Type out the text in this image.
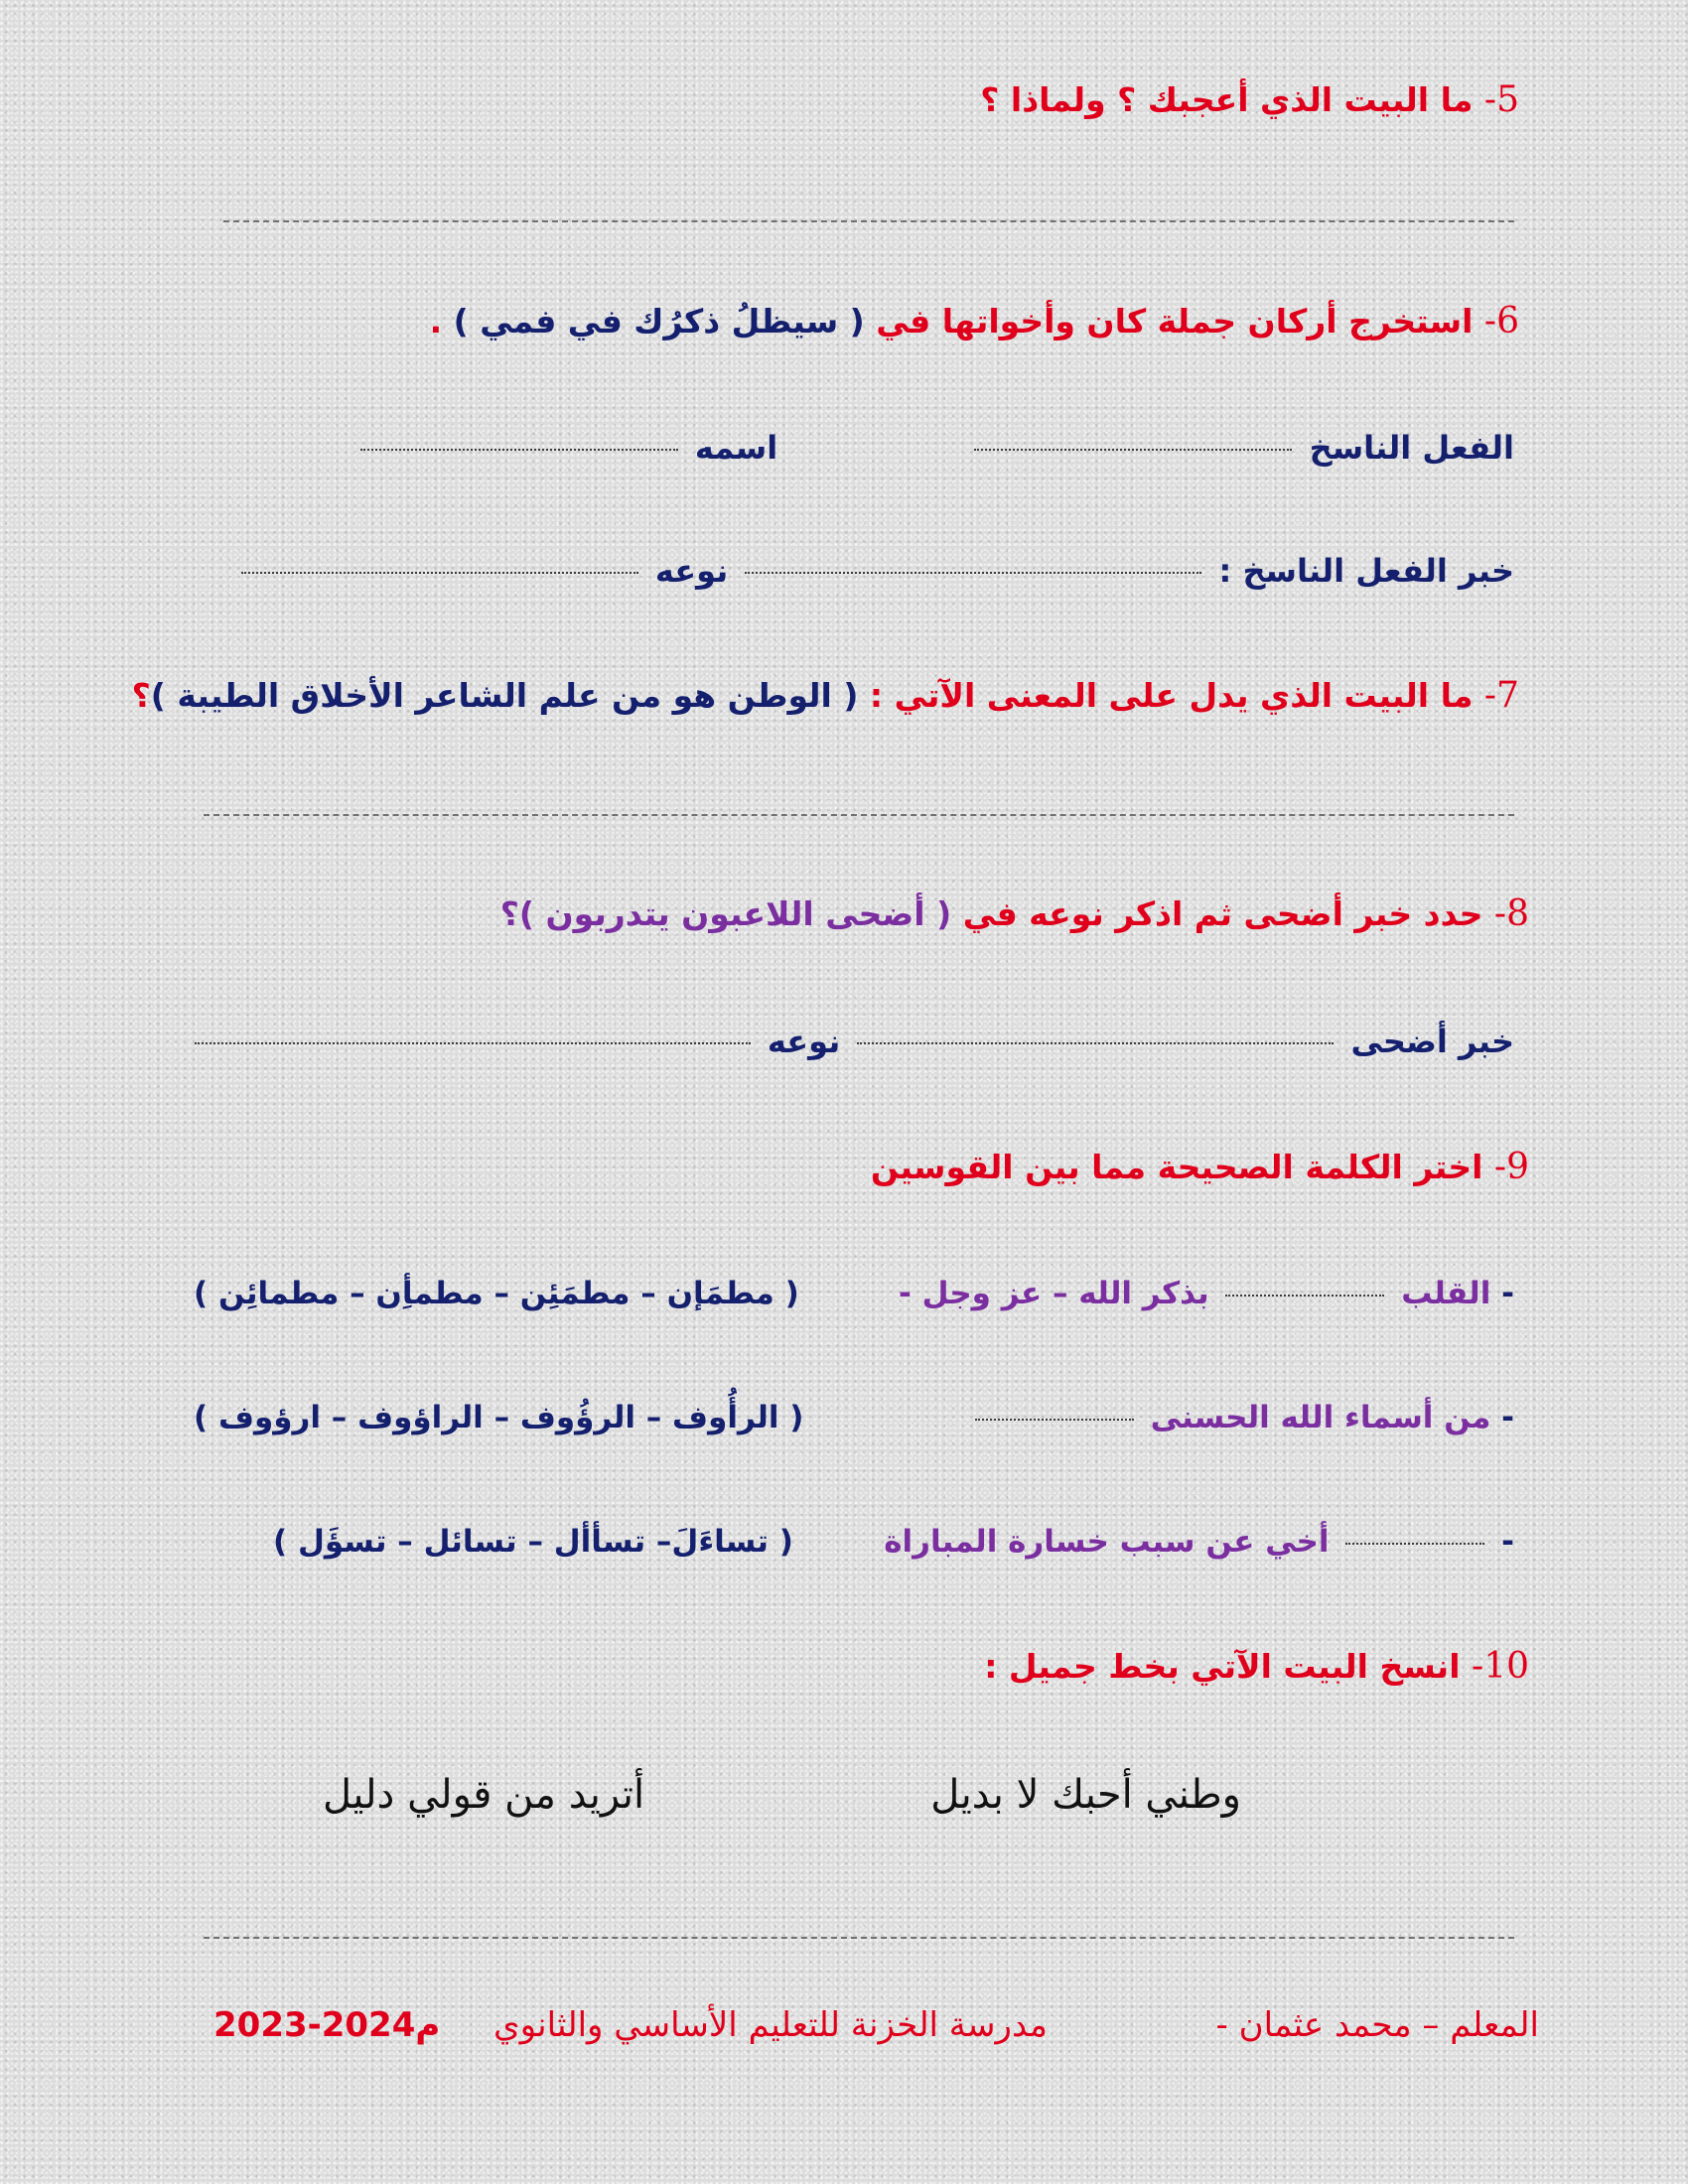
5- ما البيت الذي أعجبك ؟ ولماذا ؟
6- استخرج أركان جملة كان وأخواتها في ( سيظلُ ذكرُك في فمي ) .
الفعل الناسخ   اسمه
خبر الفعل الناسخ :  نوعه
7- ما البيت الذي يدل على المعنى الآتي : ( الوطن هو من علم الشاعر الأخلاق الطيبة )؟
8- حدد خبر أضحى ثم اذكر نوعه في ( أضحى اللاعبون يتدربون )؟
خبر أضحى  نوعه
9- اختر الكلمة الصحيحة مما بين القوسين
- القلب  بذكر الله – عز وجل -
( مطمَإن – مطمَئِن – مطمأِن – مطمائِن )
- من أسماء الله الحسنى
( الرأُوف – الرؤُوف – الراؤوف – ارؤوف )
-  أخي عن سبب خسارة المباراة
( تساءَلَ– تسأأل – تسائل – تسؤَل )
10- انسخ البيت الآتي بخط جميل :
وطني أحبك لا بديل
أتريد من قولي دليل
المعلم – محمد عثمان -
مدرسة الخزنة للتعليم الأساسي والثانوي
2023-2024م
